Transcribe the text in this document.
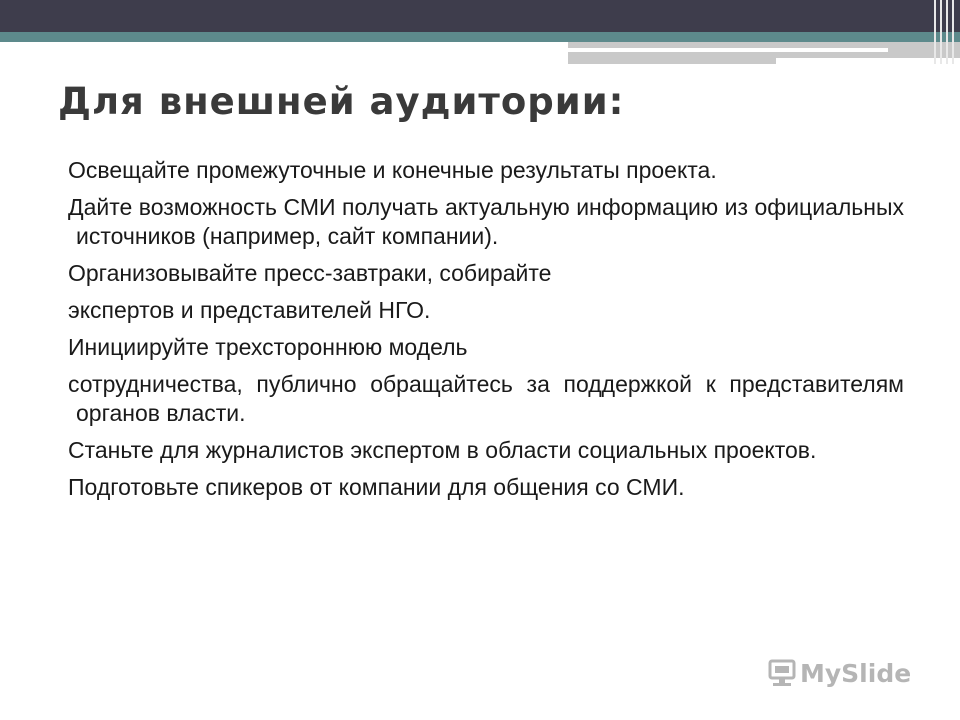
Для внешней аудитории:

Освещайте промежуточные и конечные результаты проекта.

Дайте возможность СМИ получать актуальную информацию из официальных источников (например, сайт компании).

Организовывайте пресс-завтраки, собирайте

экспертов и представителей НГО.

Инициируйте трехстороннюю модель

сотрудничества, публично обращайтесь за поддержкой к представителям органов власти.

Станьте для журналистов экспертом в области социальных проектов.

Подготовьте спикеров от компании для общения со СМИ.

MySlide
